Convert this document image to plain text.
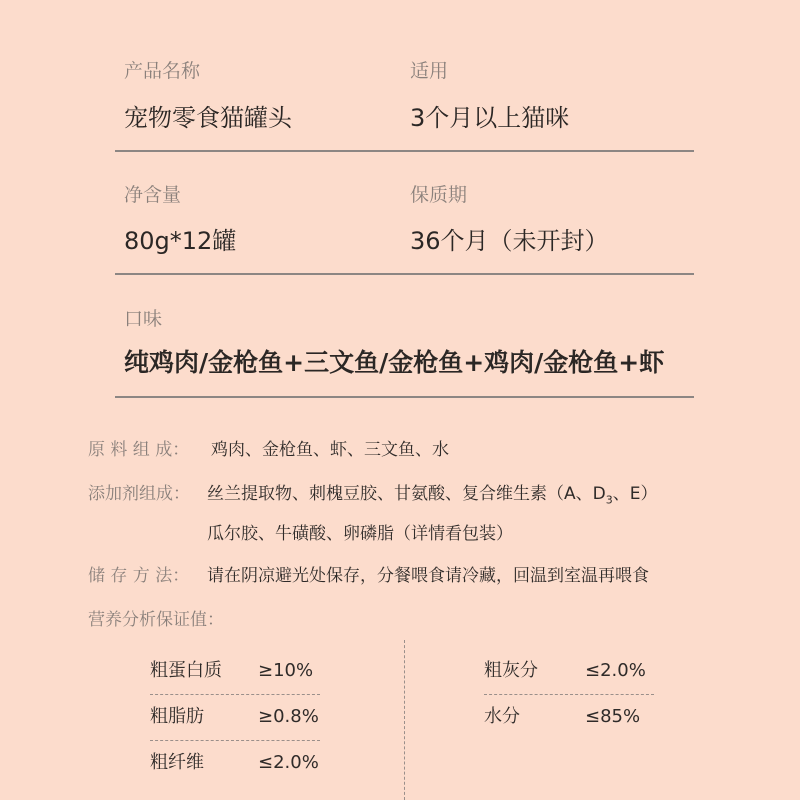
产品名称
宠物零食猫罐头
适用
3个月以上猫咪
净含量
80g*12罐
保质期
36个月（未开封）
口味
纯鸡肉/金枪鱼+三文鱼/金枪鱼+鸡肉/金枪鱼+虾
原 料 组 成： 鸡肉、金枪鱼、虾、三文鱼、水
添加剂组成： 丝兰提取物、刺槐豆胶、甘氨酸、复合维生素（A、$D_3$、E）
瓜尔胶、牛磺酸、卵磷脂（详情看包装）
储 存 方 法： 请在阴凉避光处保存，分餐喂食请冷藏，回温到室温再喂食
营养分析保证值：
粗蛋白质 ≥10%
粗脂肪	≥0.8%
粗纤维	≤2.0%
粗灰分	≤2.0%
水分	≤85%
